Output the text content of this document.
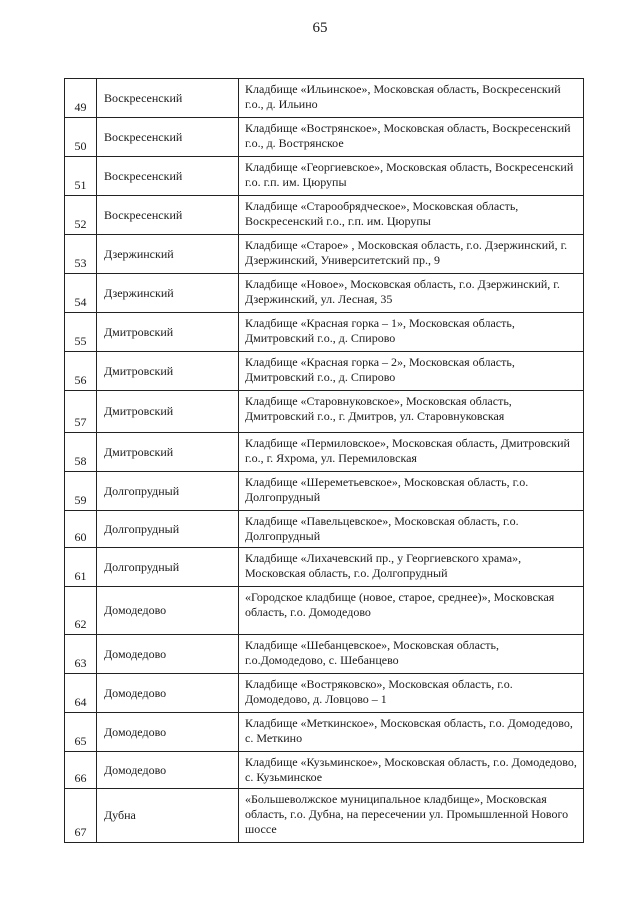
65
49	Воскресенский	Кладбище «Ильинское», Московская область, Воскресенский г.о., д. Ильино
50	Воскресенский	Кладбище «Вострянское», Московская область, Воскресенский г.о., д. Вострянское
51	Воскресенский	Кладбище «Георгиевское», Московская область, Воскресенский г.о. г.п. им. Цюрупы
52	Воскресенский	Кладбище «Старообрядческое», Московская область, Воскресенский г.о., г.п. им. Цюрупы
53	Дзержинский	Кладбище «Старое» , Московская область, г.о. Дзержинский, г. Дзержинский, Университетский пр., 9
54	Дзержинский	Кладбище «Новое», Московская область, г.о. Дзержинский, г. Дзержинский, ул. Лесная, 35
55	Дмитровский	Кладбище «Красная горка – 1», Московская область, Дмитровский г.о., д. Спирово
56	Дмитровский	Кладбище «Красная горка – 2», Московская область, Дмитровский г.о., д. Спирово
57	Дмитровский	Кладбище «Старовнуковское», Московская область, Дмитровский г.о., г. Дмитров, ул. Старовнуковская
58	Дмитровский	Кладбище «Пермиловское», Московская область, Дмитровский г.о., г. Яхрома, ул. Перемиловская
59	Долгопрудный	Кладбище «Шереметьевское», Московская область, г.о. Долгопрудный
60	Долгопрудный	Кладбище «Павельцевское», Московская область, г.о. Долгопрудный
61	Долгопрудный	Кладбище «Лихачевский пр., у Георгиевского храма», Московская область, г.о. Долгопрудный
62	Домодедово	«Городское кладбище (новое, старое, среднее)», Московская область, г.о. Домодедово
63	Домодедово	Кладбище «Шебанцевское», Московская область, г.о.Домодедово, с. Шебанцево
64	Домодедово	Кладбище «Востряковско», Московская область, г.о. Домодедово, д. Ловцово – 1
65	Домодедово	Кладбище «Меткинское», Московская область, г.о. Домодедово, с. Меткино
66	Домодедово	Кладбище «Кузьминское», Московская область, г.о. Домодедово, с. Кузьминское
67	Дубна	«Большеволжское муниципальное кладбище», Московская область, г.о. Дубна, на пересечении ул. Промышленной Нового шоссе
